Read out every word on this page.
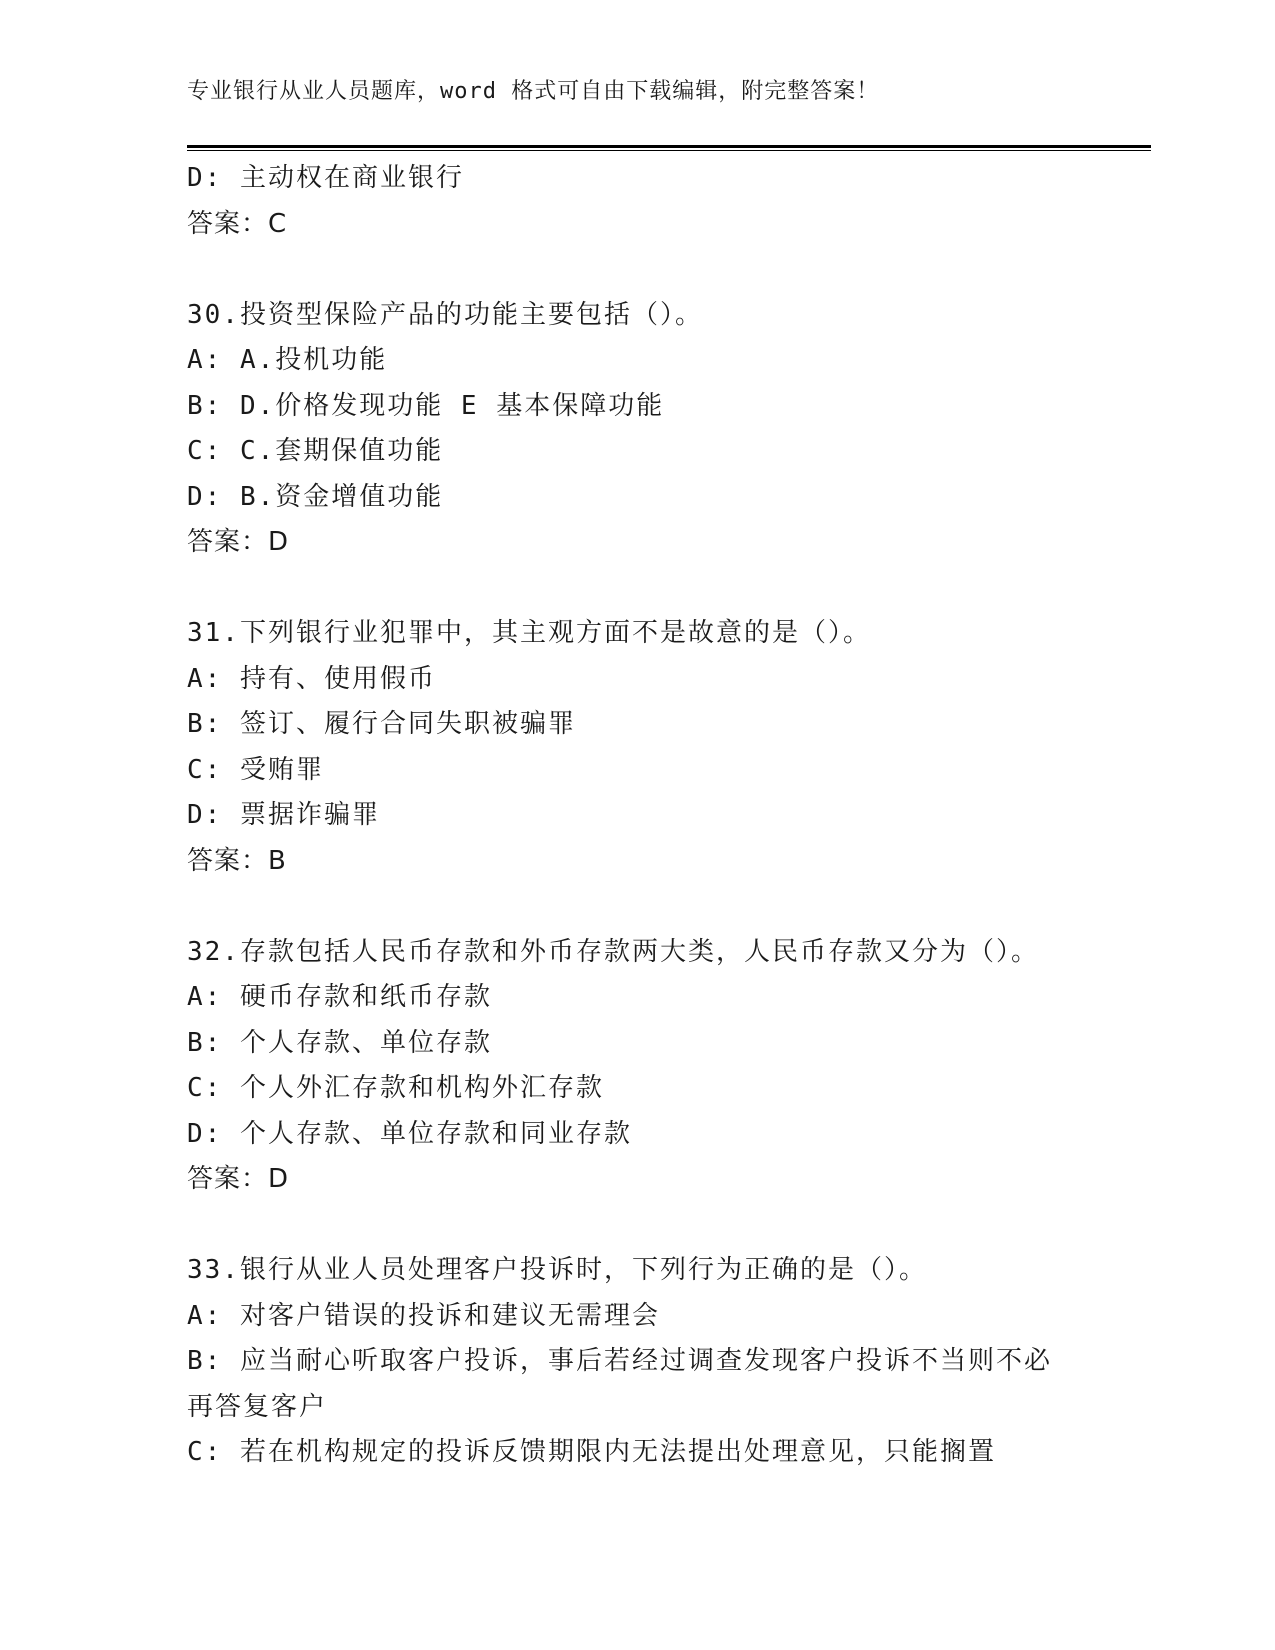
专业银行从业人员题库，word 格式可自由下载编辑，附完整答案！
D: 主动权在商业银行
答案：C
30.投资型保险产品的功能主要包括（）。
A: A.投机功能
B: D.价格发现功能 E 基本保障功能
C: C.套期保值功能
D: B.资金增值功能
答案：D
31.下列银行业犯罪中，其主观方面不是故意的是（）。
A: 持有、使用假币
B: 签订、履行合同失职被骗罪
C: 受贿罪
D: 票据诈骗罪
答案：B
32.存款包括人民币存款和外币存款两大类，人民币存款又分为（）。
A: 硬币存款和纸币存款
B: 个人存款、单位存款
C: 个人外汇存款和机构外汇存款
D: 个人存款、单位存款和同业存款
答案：D
33.银行从业人员处理客户投诉时，下列行为正确的是（）。
A: 对客户错误的投诉和建议无需理会
B: 应当耐心听取客户投诉，事后若经过调查发现客户投诉不当则不必
再答复客户
C: 若在机构规定的投诉反馈期限内无法提出处理意见，只能搁置
